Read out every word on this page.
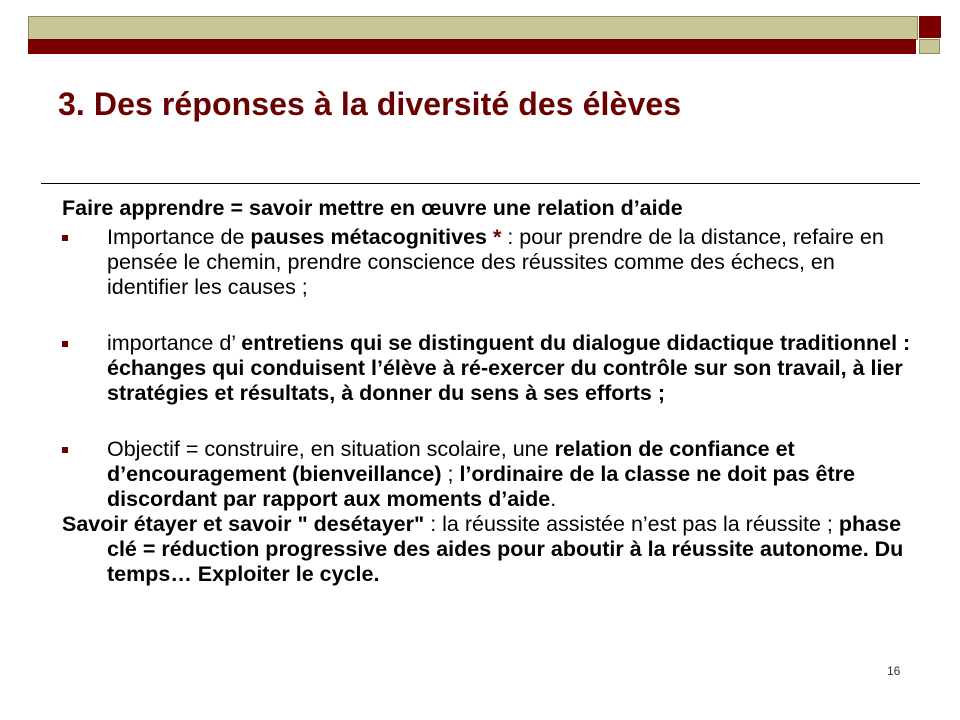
3. Des réponses à la diversité des élèves

Faire apprendre = savoir mettre en œuvre une relation d’aide

Importance de pauses métacognitives * : pour prendre de la distance, refaire en pensée le chemin, prendre conscience des réussites comme des échecs, en identifier les causes ;
importance d’ entretiens qui se distinguent du dialogue didactique traditionnel : échanges qui conduisent l’élève à ré-exercer du contrôle sur son travail, à lier stratégies et résultats, à donner du sens à ses efforts ;
Objectif = construire, en situation scolaire, une relation de confiance et d’encouragement (bienveillance) ; l’ordinaire de la classe ne doit pas être discordant par rapport aux moments d’aide.

Savoir étayer et savoir " desétayer" : la réussite assistée n’est pas la réussite ; phase clé = réduction progressive des aides pour aboutir à la réussite autonome. Du temps… Exploiter le cycle.

16
